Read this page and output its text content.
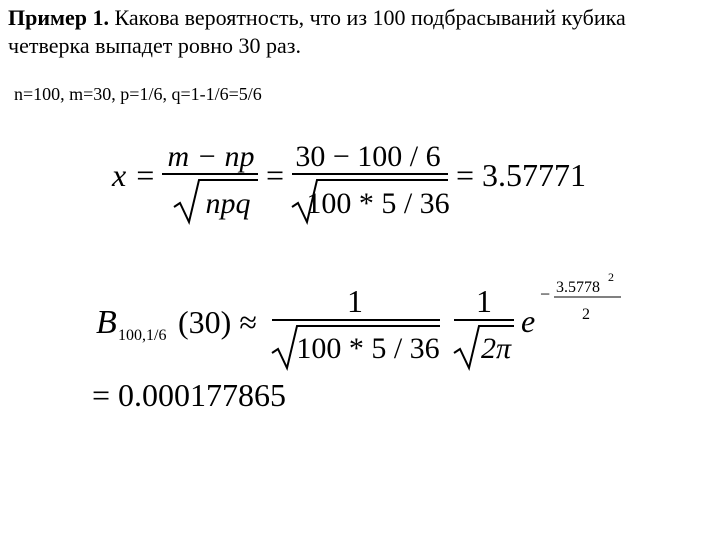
Пример 1. Какова вероятность, что из 100 подбрасываний кубика четверка выпадет ровно 30 раз.
n=100, m=30, p=1/6, q=1-1/6=5/6
x =
m − np
npq
=
30 − 100 / 6
100 * 5 / 36
= 3.57771
B 100,1/6 (30) ≈
1
100 * 5 / 36
1
2π
e
− 3.5778
2
2
= 0.000177865
